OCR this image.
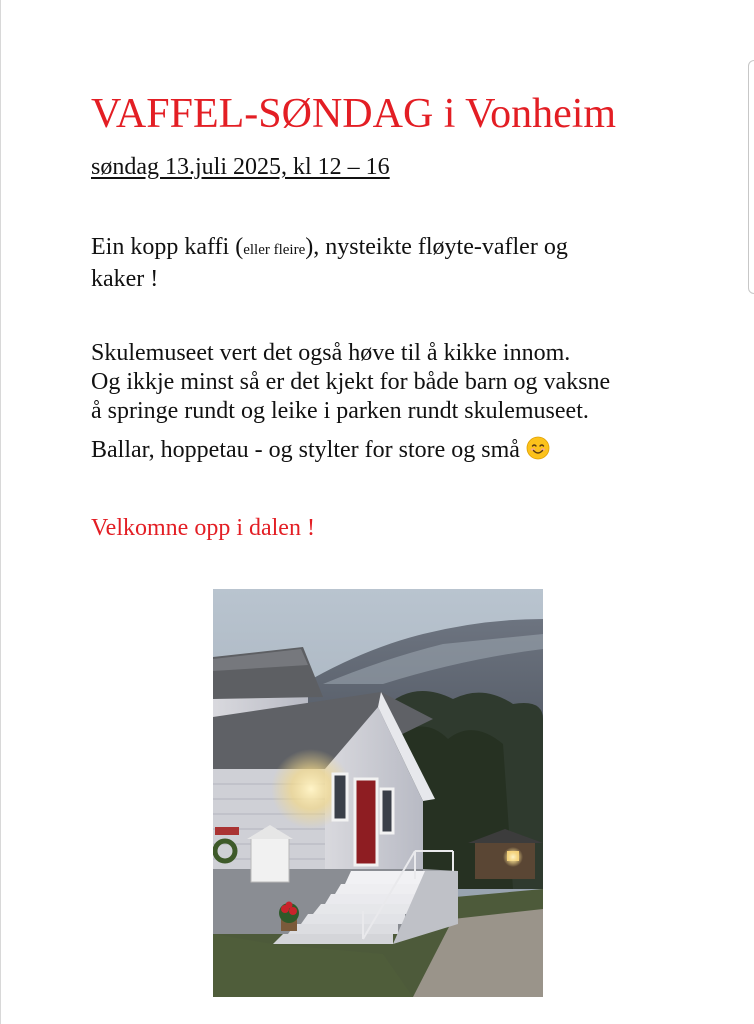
VAFFEL-SØNDAG i Vonheim

søndag 13.juli 2025, kl 12 – 16

Ein kopp kaffi (eller fleire), nysteikte fløyte-vafler og
kaker !

Skulemuseet vert det også høve til å kikke innom.
Og ikkje minst så er det kjekt for både barn og vaksne
å springe rundt og leike i parken rundt skulemuseet.

Ballar, hoppetau - og stylter for store og små

Velkomne opp i dalen !
